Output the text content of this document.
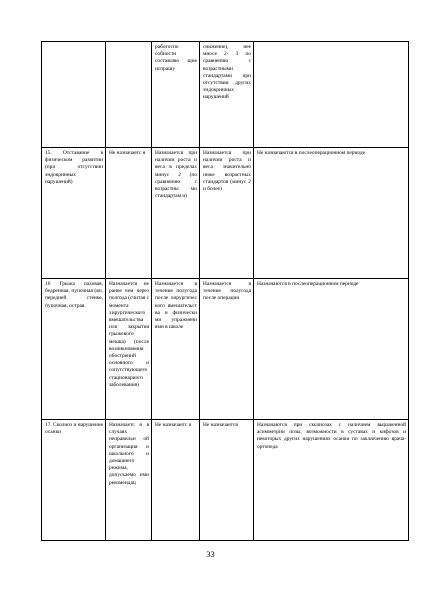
		работоспо собности составляю щие испрашу	снижение), нее мносе 2- 3 по сравнению с возрастными стандартами при отсутствии других эндокринных нарушений	

15. Отставание в физическом развитии (при отсутствии эндокринных нарушений)	Не назначаетс я	Назначается при наличии роста и веса в пределах минус 2 (по сравнению с возрастны ми стандартам и)	Назначается при наличии роста и веса значительно ниже возрастных стандартов (минус 2 и более)	Не назначаются в послеоперационном периоде

16 Грыжа паховая, бедренная, пупочная (вп, передней стенке, пупочная, острая.	Назначается не ранее чем через полгода (считая с момента хирургического вмешательства или закрытия грыжевого мешка) (после возникновения обострений основного и сопутствующего стационарного заболевания)	Назначается в течение полугода после хирургичес кого вмешательст ва и физически ми упражнени ями в школе	Назначается в течение полугода после операции	Назначаются в послеоперационном периоде

17. Сколиоз и нарушение осанки	Назначаетс я в случаях неправильн ой организация и школьного и домашнего режима, допускаемо ими рекомендац	Не назначаетс я	Не назначается	Назначаются при сколиозах с наличием выраженной асимметрии позы, возможности в суставах и кифозов и некоторых других нарушениях осанки по заключению врача-ортопеда
33
